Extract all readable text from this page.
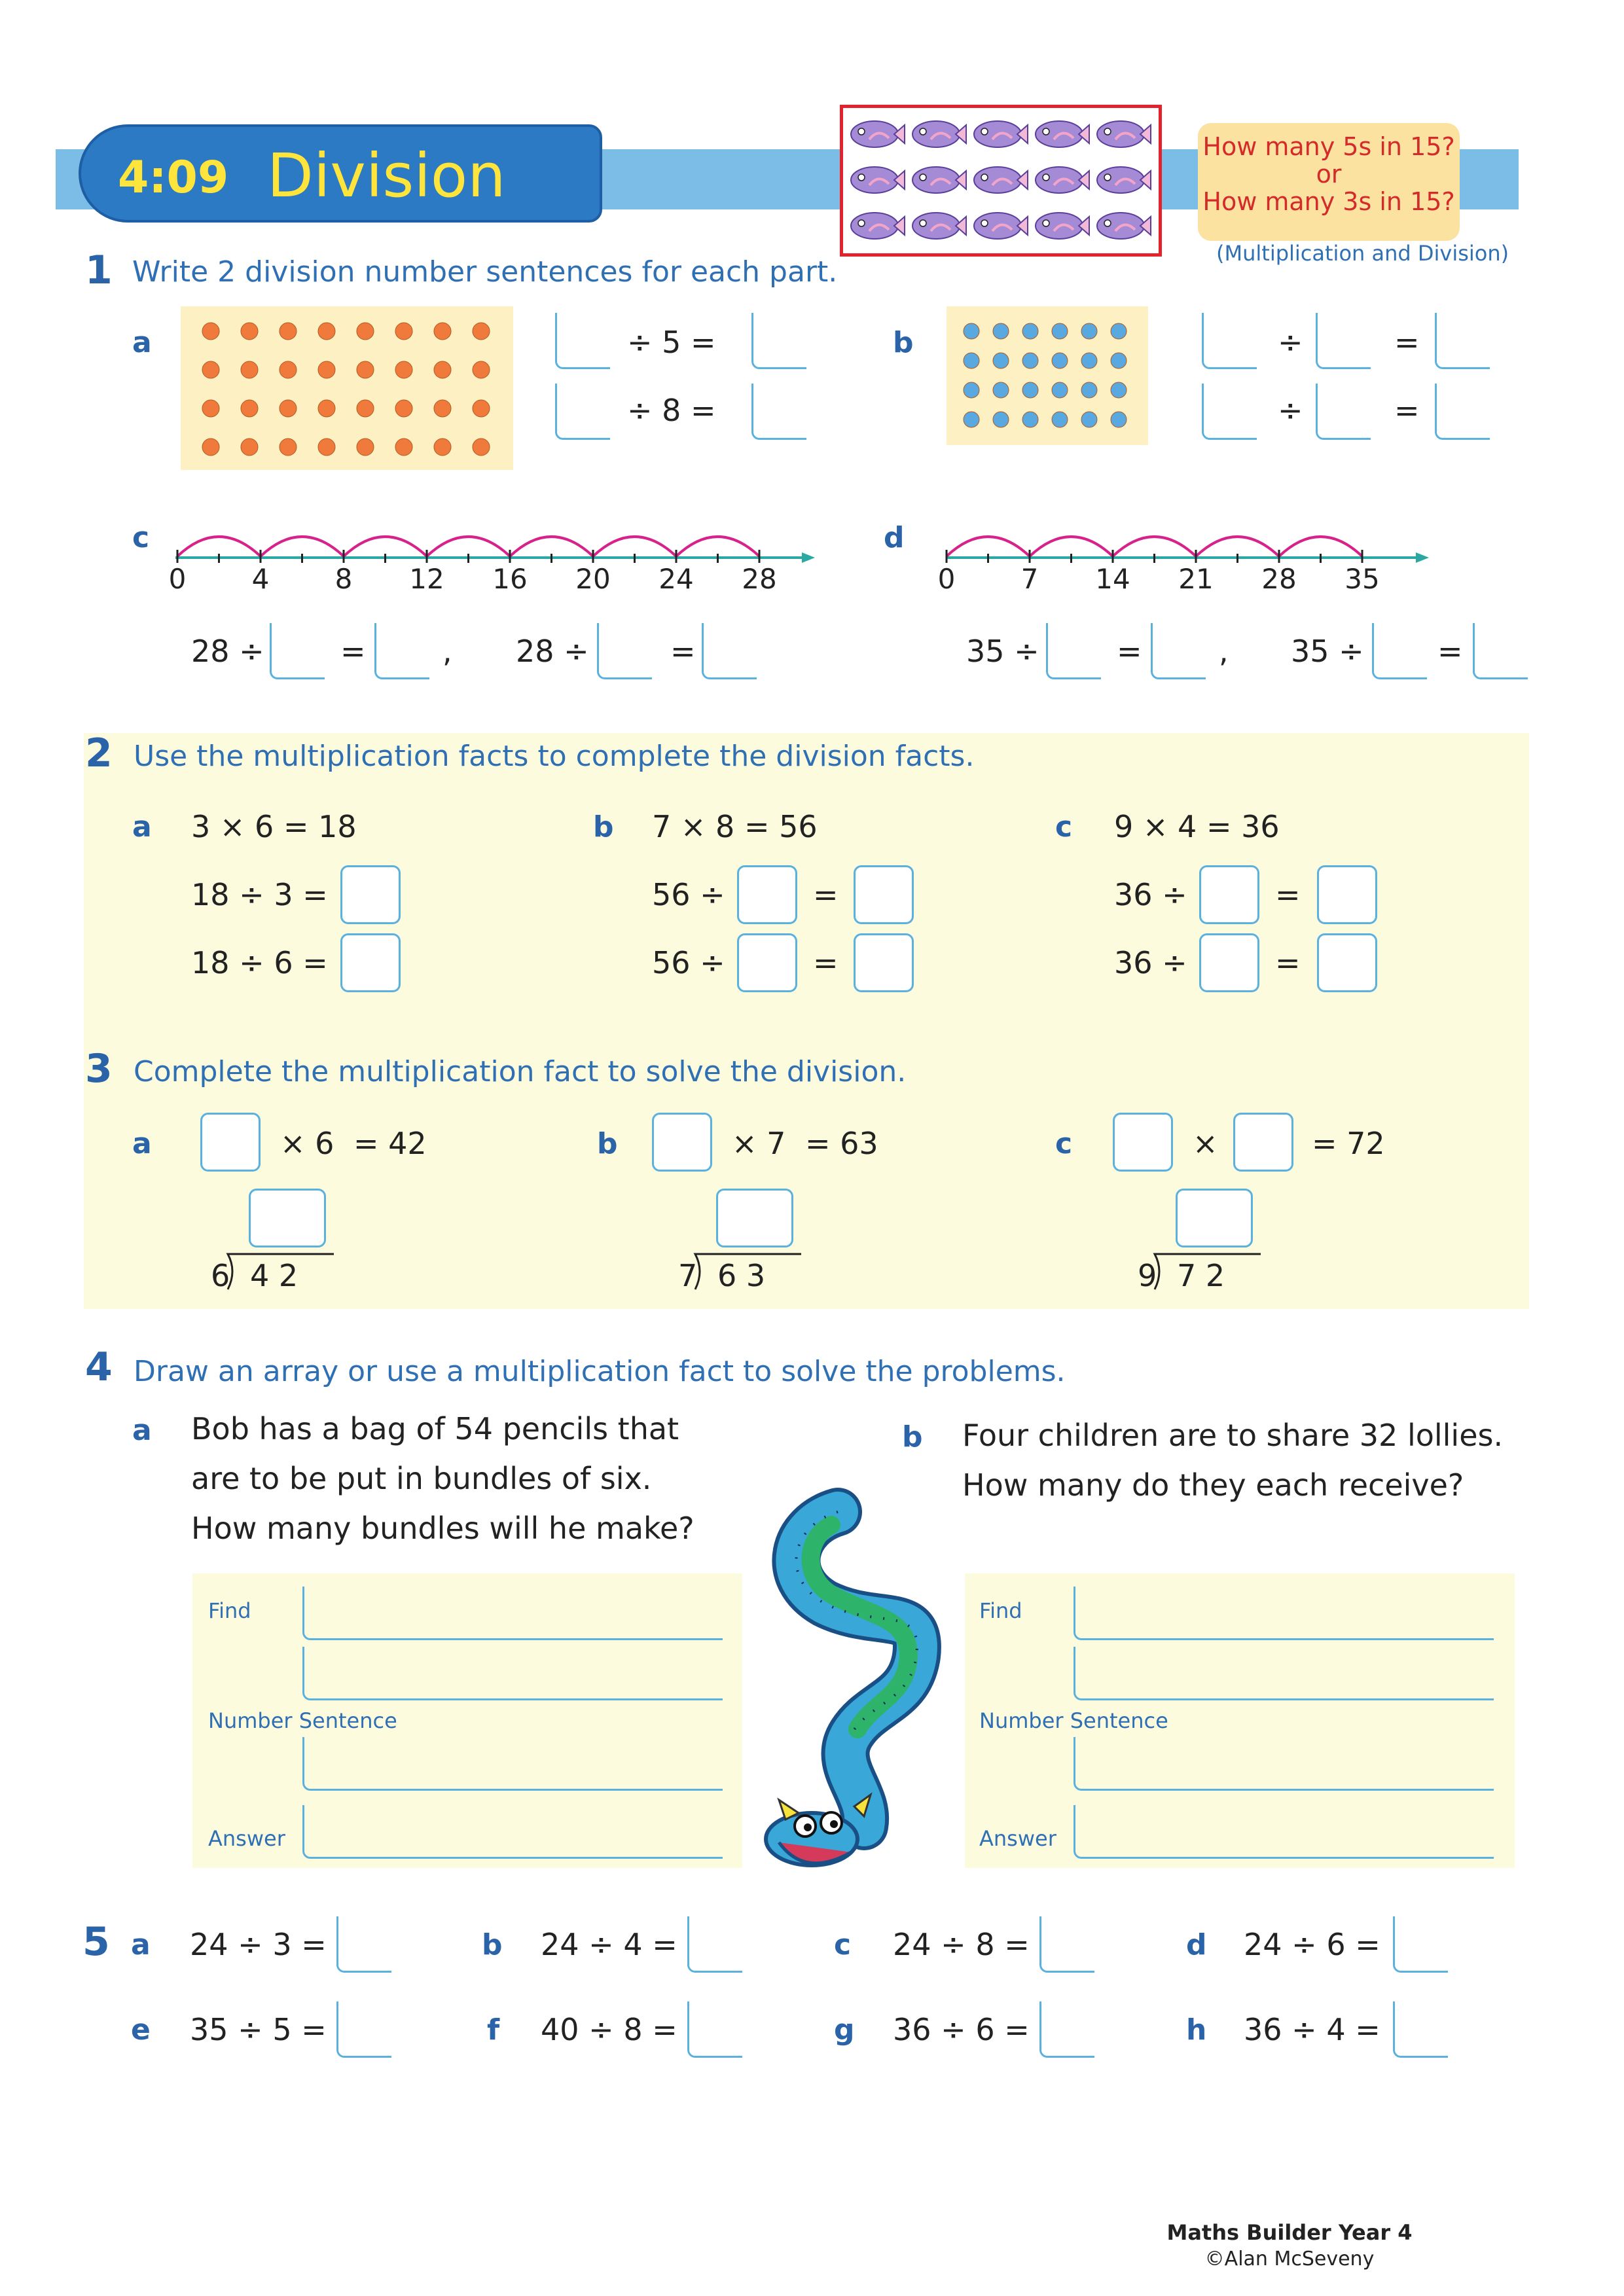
4:09 Division	How many 5s in 15?
or
How many 3s in 15?
(Multiplication and Division)
1 Write 2 division number sentences for each part.
a	÷ 5 =
÷ 8 =
b	÷	=
÷	=
c
0	4	8	12	16	20	24	28
28 ÷	=	, 28 ÷	=
d
0	7	14	21	28	35
35 ÷	=	, 35 ÷ =
2 Use the multiplication facts to complete the division facts.
a 3 × 6 = 18
18 ÷ 3 =
18 ÷ 6 =
b 7 × 8 = 56
56 ÷	=
56 ÷	=
c 9 × 4 = 36
36 ÷	=
36 ÷	=
3 Complete the multiplication fact to solve the division.
a	× 6 = 42
6 4 2
b	× 7 = 63
7 6 3
c	×	= 72
9 7 2
4 Draw an array or use a multiplication fact to solve the problems.
a Bob has a bag of 54 pencils that
are to be put in bundles of six.
How many bundles will he make?
b Four children are to share 32 lollies.
How many do they each receive?
Find
Number Sentence
Answer
Find
Number Sentence
Answer
5 a 24 ÷ 3 =	b 24 ÷ 4 =	c 24 ÷ 8 =	d 24 ÷ 6 =
e 35 ÷ 5 =	f 40 ÷ 8 =	g 36 ÷ 6 =	h 36 ÷ 4 =
Maths Builder Year 4
©Alan McSeveny
